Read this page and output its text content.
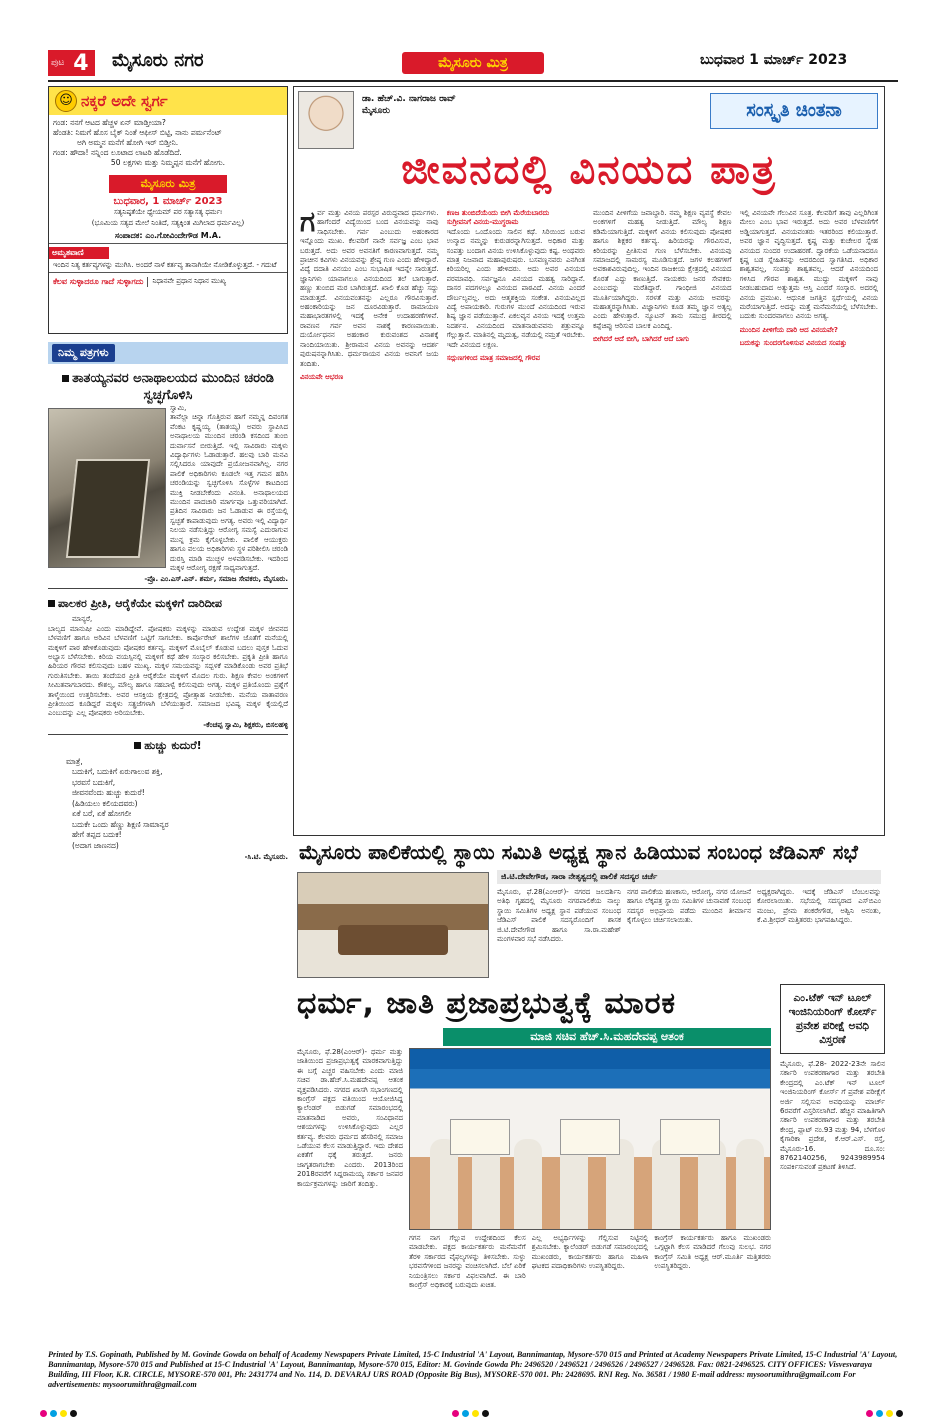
ಪುಟ 4	ಮೈಸೂರು ನಗರ	ಮೈಸೂರು ಮಿತ್ರ	ಬುಧವಾರ 1 ಮಾರ್ಚ್ 2023
☺ ನಕ್ಕರೆ ಅದೇ ಸ್ವರ್ಗ
ಗಂಡ: ನನಗೆ ಆಟದ ಹೆಚ್ಚಳ ಏನ್ ಮಾಡ್ತೀಯಾ?
ಹೆಂಡತಿ: ನಿಮಗೆ ಹೊಸ ಬೈಕ್ ನಿಂತೆ ಆಫೀಸ್ ಬಿಟ್ಟಿ, ನಾನು ಪರ್ಮನೆಂಟ್
ಅಗಿ ಅಮ್ಮನ ಮನೆಗೆ ಹೋಗಿ ಇರ್ ಬಿಡ್ತೀನಿ.
ಗಂಡ: ಹೌದಾ! ನನ್ನಿಂದ ಲೂಟಾದ ಲಾಟರಿ ಹೊಡೆದಿದೆ.
50 ಲಕ್ಷಗಳು ಮತ್ತು ನಿಮ್ಮಪ್ಪನ ಮನೆಗೆ ಹೋಗು.
ಮೈಸೂರು ಮಿತ್ರ
ಬುಧವಾರ, 1 ಮಾರ್ಚ್ 2023
ಸತ್ಯನಿಷ್ಠತೆಯೇ ಧ್ಯೇಯಮ್ ಪರ ಸತ್ಯಾಸತ್ಯ ಧರ್ಮಃ
(ಭೂಮಿಯ ಸತ್ಯದ ಮೇಲೆ ನಿಂತಿದೆ, ಸತ್ಯಕ್ಕಿಂತ ಮಿಗಿಲಾದ ಧರ್ಮವಿಲ್ಲ)
ಸಂಪಾದಕ: ಎಂ.ಗೋವಿಂದೇಗೌಡ M.A.
ಅಮೃತವಾಣಿ
ಇಂದಿನ ನಿತ್ಯ ಕರ್ತವ್ಯಗಳನ್ನು ಮುಗಿಸಿ. ಅಂದರೆ ನಾಳೆ ಕರ್ತವ್ಯ ತಾನಾಗಿಯೇ ನೋಡಿಕೊಳ್ಳುತ್ತದೆ. - ಗದುಟೆ
ಕೆಲವ ಸುಳ್ಳಾದರೂ ಗಾದೆ ಸುಳ್ಳಾಗದು	ನಿಧಾನವೇ ಪ್ರಧಾನ ನಿಧಾನ ಮುಖ್ಯ
ನಿಮ್ಮ ಪತ್ರಗಳು
ತಾತಯ್ಯನವರ ಅನಾಥಾಲಯದ ಮುಂದಿನ ಚರಂಡಿ ಸ್ವಚ್ಛಗೊಳಿಸಿ
ಸ್ವಾಮಿ,
ತಾವೆಲ್ಲಾ ಚಿನ್ನಾ ಗೊತ್ತಿರುವ ಹಾಗೆ ನಮ್ಮನ್ನ ದಿವಂಗತ ವೆಂಕಟ ಕೃಷ್ಣಯ್ಯ (ತಾತಯ್ಯ) ಅವರು ಸ್ಥಾಪಿಸಿದ ಅನಾಥಾಲಯ ಮುಂದಿನ ಚರಂಡಿ ಕಸದಿಂದ ತುಂಬಿ ದುರ್ವಾಸನೆ ಬೀರುತ್ತಿದೆ. ಇಲ್ಲಿ ಸಾವಿರಾರು ಮಕ್ಕಳು ವಿದ್ಯಾರ್ಥಿಗಳು ಓಡಾಡುತ್ತಾರೆ. ಹಲವು ಬಾರಿ ಮನವಿ ಸಲ್ಲಿಸಿದರೂ ಯಾವುದೇ ಪ್ರಯೋಜನವಾಗಿಲ್ಲ. ನಗರ ಪಾಲಿಕೆ ಅಧಿಕಾರಿಗಳು ಕೂಡಲೇ ಇತ್ತ ಗಮನ ಹರಿಸಿ ಚರಂಡಿಯನ್ನು ಸ್ವಚ್ಛಗೊಳಿಸಿ ಸೊಳ್ಳೆಗಳ ಕಾಟದಿಂದ ಮುಕ್ತಿ ನೀಡಬೇಕೆಂದು ವಿನಂತಿ. ಅನಾಥಾಲಯದ ಮುಂದಿನ ಪಾದಚಾರಿ ಮಾರ್ಗವೂ ಒತ್ತುವರಿಯಾಗಿದೆ. ಪ್ರತಿದಿನ ಸಾವಿರಾರು ಜನ ಓಡಾಡುವ ಈ ರಸ್ತೆಯಲ್ಲಿ ಸ್ವಚ್ಛತೆ ಕಾಪಾಡುವುದು ಅಗತ್ಯ. ಅವರು ಇಲ್ಲಿ ವಿದ್ಯಾರ್ಥಿ ನಿಲಯ ನಡೆಸುತ್ತಿದ್ದು ಆರೋಗ್ಯ ಸಮಸ್ಯೆ ಎದುರಾಗುವ ಮುನ್ನ ಕ್ರಮ ಕೈಗೊಳ್ಳಬೇಕು. ಪಾಲಿಕೆ ಆಯುಕ್ತರು ಹಾಗೂ ವಲಯ ಅಧಿಕಾರಿಗಳು ಸ್ಥಳ ಪರಿಶೀಲಿಸಿ ಚರಂಡಿ ದುರಸ್ತಿ ಮಾಡಿ ಮುಚ್ಚಳ ಅಳವಡಿಸಬೇಕು. ಇದರಿಂದ ಮಕ್ಕಳ ಆರೋಗ್ಯ ರಕ್ಷಣೆ ಸಾಧ್ಯವಾಗುತ್ತದೆ.
-ಪ್ರೊ. ಎಂ.ಎಸ್.ಎನ್. ಶರ್ಮ, ಸಮಾಜ ಸೇವಕರು, ಮೈಸೂರು.
ಪಾಲಕರ ಪ್ರೀತಿ, ಆರೈಕೆಯೇ ಮಕ್ಕಳಿಗೆ ದಾರಿದೀಪ
ಮಾನ್ಯರೆ,
ಬಾಲ್ಯದ ಮಾನುಷೀ ಎಂದು ಮಾಡಿದ್ದೇವೆ. ಪೋಷಕರು ಮಕ್ಕಳನ್ನು ಮಾಡುವ ಉದ್ದೇಶ ಮಕ್ಕಳ ಜೀವನದ ಬೆಳವಣಿಗೆ ಹಾಗೂ ಅರಿವಿನ ಬೆಳವಣಿಗೆ ಒಟ್ಟಿಗೆ ಸಾಗಬೇಕು. ಕಾರ್ಪೊರೇಟ್ ಶಾಲೆಗಳ ಜೊತೆಗೆ ಮನೆಯಲ್ಲಿ ಮಕ್ಕಳಿಗೆ ಪಾಠ ಹೇಳಿಕೊಡುವುದು ಪೋಷಕರ ಕರ್ತವ್ಯ. ಮಕ್ಕಳಿಗೆ ಮೊಬೈಲ್ ಕೊಡುವ ಬದಲು ಪುಸ್ತಕ ಓದುವ ಅಭ್ಯಾಸ ಬೆಳೆಸಬೇಕು. ಕಿರಿಯ ವಯಸ್ಸಿನಲ್ಲಿ ಮಕ್ಕಳಿಗೆ ಕಥೆ ಹೇಳಿ ಸಂಸ್ಕಾರ ಕಲಿಸಬೇಕು. ಪ್ರಕೃತಿ ಪ್ರೀತಿ ಹಾಗೂ ಹಿರಿಯರ ಗೌರವ ಕಲಿಸುವುದು ಬಹಳ ಮುಖ್ಯ. ಮಕ್ಕಳ ಸಮಯವನ್ನು ಸದ್ಬಳಕೆ ಮಾಡಿಕೊಂಡು ಅವರ ಪ್ರತಿಭೆ ಗುರುತಿಸಬೇಕು. ತಾಯಿ ತಂದೆಯರ ಪ್ರೀತಿ ಆರೈಕೆಯೇ ಮಕ್ಕಳಿಗೆ ಮೊದಲ ಗುರು. ಶಿಕ್ಷಣ ಕೇವಲ ಅಂಕಗಳಿಗೆ ಸೀಮಿತವಾಗಬಾರದು. ಕೌಶಲ್ಯ, ಮೌಲ್ಯ ಹಾಗೂ ಸಹಬಾಳ್ವೆ ಕಲಿಸುವುದು ಅಗತ್ಯ. ಮಕ್ಕಳ ಪ್ರತಿಯೊಂದು ಪ್ರಶ್ನೆಗೆ ತಾಳ್ಮೆಯಿಂದ ಉತ್ತರಿಸಬೇಕು. ಅವರ ಆಸಕ್ತಿಯ ಕ್ಷೇತ್ರದಲ್ಲಿ ಪ್ರೋತ್ಸಾಹ ನೀಡಬೇಕು. ಮನೆಯ ವಾತಾವರಣ ಪ್ರೀತಿಯಿಂದ ಕೂಡಿದ್ದರೆ ಮಕ್ಕಳು ಸತ್ಪ್ರಜೆಗಳಾಗಿ ಬೆಳೆಯುತ್ತಾರೆ. ಸಮಾಜದ ಭವಿಷ್ಯ ಮಕ್ಕಳ ಕೈಯಲ್ಲಿದೆ ಎಂಬುದನ್ನು ಎಲ್ಲ ಪೋಷಕರು ಅರಿಯಬೇಕು.
-ಕೆಂಚಪ್ಪ ಸ್ವಾಮಿ, ಶಿಕ್ಷಕರು, ಬಿಸಲಹಳ್ಳಿ
ಹುಚ್ಚು ಕುದುರೆ!
ಮಾತ್ರೆ,
ಬದುಕಿಗೆ, ಬದುಕಿಗೆ ಏರುಗಾಲುವ ಶಕ್ತಿ,
ಭರವಸೆ ಬದುಕಿಗೆ,
ಜೀವನವೆಂದು ಹುಚ್ಚು ಕುದುರೆ!
(ಹಿಡಿಯಲು ಕಲಿಯದವರು)
ಏಕೆ ಬರೆ, ಏಕೆ ಹೋಗಲೀ
ಬದುಕೇ ಒಂದು ಹೆಣ್ಣು ಶಿಕ್ಷಣಿ ಸಾಮಾನ್ಯರ
ಹೇಗೆ ತಪ್ಪದ ಬದುಕ!
(ಅದಾಗ ಜಾಣನದ)
-ಸಿ.ಟಿ. ಮೈಸೂರು.
ಡಾ. ಹೆಚ್.ವಿ. ನಾಗರಾಜ ರಾವ್
ಮೈಸೂರು	ಸಂಸ್ಕೃತಿ ಚಿಂತನಾ
ಜೀವನದಲ್ಲಿ ವಿನಯದ ಪಾತ್ರ
ಗ ರ್ವ ಮತ್ತು ವಿನಯ ಪರಸ್ಪರ ವಿರುದ್ಧವಾದ ಧರ್ಮಗಳು. ಹಾಗೆಂದರೆ ವಿದ್ಯೆಯಿಂದ ಬಂದ ವಿನಯವನ್ನು ನಾವು ಸಾಧಿಸಬೇಕು. ಗರ್ವ ಎಂಬುದು ಅಹಂಕಾರದ ಇನ್ನೊಂದು ಮುಖ. ಕೆಲವರಿಗೆ ನಾನೇ ಸರ್ವಜ್ಞ ಎಂಬ ಭಾವ ಬರುತ್ತದೆ. ಅದು ಅವರ ಅವನತಿಗೆ ಕಾರಣವಾಗುತ್ತದೆ. ನಮ್ಮ ಪ್ರಾಚೀನ ಕವಿಗಳು ವಿನಯವನ್ನು ಶ್ರೇಷ್ಠ ಗುಣ ಎಂದು ಹೇಳಿದ್ದಾರೆ. ವಿದ್ಯೆ ದದಾತಿ ವಿನಯಂ ಎಂಬ ಸುಭಾಷಿತ ಇದನ್ನೇ ಸಾರುತ್ತದೆ. ಜ್ಞಾನಿಗಳು ಯಾವಾಗಲೂ ವಿನಯದಿಂದ ತಲೆ ಬಾಗುತ್ತಾರೆ. ಹಣ್ಣು ತುಂಬಿದ ಮರ ಬಾಗಿರುತ್ತದೆ. ಖಾಲಿ ಕೊಡ ಹೆಚ್ಚು ಸದ್ದು ಮಾಡುತ್ತದೆ. ವಿನಯವಂತನನ್ನು ಎಲ್ಲರೂ ಗೌರವಿಸುತ್ತಾರೆ. ಅಹಂಕಾರಿಯನ್ನು ಜನ ದೂರವಿಡುತ್ತಾರೆ. ರಾಮಾಯಣ ಮಹಾಭಾರತಗಳಲ್ಲಿ ಇದಕ್ಕೆ ಅನೇಕ ಉದಾಹರಣೆಗಳಿವೆ. ರಾವಣನ ಗರ್ವ ಅವನ ನಾಶಕ್ಕೆ ಕಾರಣವಾಯಿತು. ದುರ್ಯೋಧನನ ಅಹಂಕಾರ ಕುರುವಂಶದ ವಿನಾಶಕ್ಕೆ ನಾಂದಿಯಾಯಿತು. ಶ್ರೀರಾಮನ ವಿನಯ ಅವನನ್ನು ಆದರ್ಶ ಪುರುಷನನ್ನಾಗಿಸಿತು. ಧರ್ಮರಾಯನ ವಿನಯ ಅವನಿಗೆ ಜಯ ತಂದಿತು.
ವಿನಯವೇ ಆಭರಣ
ಕಣಜ ತುಂಬಿದೆಯೆಂದು ಬೀಗಿ ಮೆರೆಯಬಾರದು
ಸುಗ್ರೀವನಿಗೆ ವಿನಯ-ಮುಗ್ಧರಾಮ
ಇದೊಂದು ಒಂದೊಂದು ಸಾಲಿನ ಕಥೆ. ಸಿರಿಯಿಂದ ಬರುವ ಉನ್ಮಾದ ನಮ್ಮನ್ನು ಕುರುಡರನ್ನಾಗಿಸುತ್ತದೆ. ಅಧಿಕಾರ ಮತ್ತು ಸಂಪತ್ತು ಬಂದಾಗ ವಿನಯ ಉಳಿಸಿಕೊಳ್ಳುವುದು ಕಷ್ಟ. ಅಂಥವರು ಮಾತ್ರ ನಿಜವಾದ ಮಹಾಪುರುಷರು. ಬಸವಣ್ಣನವರು ಎನಗಿಂತ ಕಿರಿಯರಿಲ್ಲ ಎಂದು ಹೇಳಿದರು. ಅದು ಅವರ ವಿನಯದ ಪರಮಾವಧಿ. ಸರ್ವಜ್ಞನೂ ವಿನಯದ ಮಹತ್ವ ಸಾರಿದ್ದಾನೆ. ದಾಸರ ಪದಗಳಲ್ಲೂ ವಿನಯದ ಪಾಠವಿದೆ. ವಿನಯ ಎಂದರೆ ದೌರ್ಬಲ್ಯವಲ್ಲ. ಅದು ಆತ್ಮಶಕ್ತಿಯ ಸಂಕೇತ. ವಿನಯವಿಲ್ಲದ ವಿದ್ಯೆ ಅಪಾಯಕಾರಿ. ಗುರುಗಳ ಮುಂದೆ ವಿನಯದಿಂದ ಇರುವ ಶಿಷ್ಯ ಜ್ಞಾನ ಪಡೆಯುತ್ತಾನೆ. ಏಕಲವ್ಯನ ವಿನಯ ಇದಕ್ಕೆ ಉತ್ತಮ ನಿದರ್ಶನ. ವಿನಯದಿಂದ ಮಾತನಾಡುವವನು ಶತ್ರುವನ್ನೂ ಗೆಲ್ಲುತ್ತಾನೆ. ಮಾತಿನಲ್ಲಿ ಮೃದುತ್ವ, ನಡೆಯಲ್ಲಿ ನಮ್ರತೆ ಇರಬೇಕು. ಇದೇ ವಿನಯದ ಲಕ್ಷಣ.
ಸದ್ಗುಣಗಳಿಂದ ಮಾತ್ರ ಸಮಾಜದಲ್ಲಿ ಗೌರವ
ಮುಂದಿನ ಪೀಳಿಗೆಯ ಜವಾಬ್ದಾರಿ. ನಮ್ಮ ಶಿಕ್ಷಣ ವ್ಯವಸ್ಥೆ ಕೇವಲ ಅಂಕಗಳಿಗೆ ಮಹತ್ವ ನೀಡುತ್ತಿದೆ. ಮೌಲ್ಯ ಶಿಕ್ಷಣ ಕಡಿಮೆಯಾಗುತ್ತಿದೆ. ಮಕ್ಕಳಿಗೆ ವಿನಯ ಕಲಿಸುವುದು ಪೋಷಕರ ಹಾಗೂ ಶಿಕ್ಷಕರ ಕರ್ತವ್ಯ. ಹಿರಿಯರನ್ನು ಗೌರವಿಸುವ, ಕಿರಿಯರನ್ನು ಪ್ರೀತಿಸುವ ಗುಣ ಬೆಳೆಸಬೇಕು. ವಿನಯವು ಸಮಾಜದಲ್ಲಿ ಸಾಮರಸ್ಯ ಮೂಡಿಸುತ್ತದೆ. ಜಗಳ ಕಲಹಗಳಿಗೆ ಅವಕಾಶವಿರುವುದಿಲ್ಲ. ಇಂದಿನ ರಾಜಕೀಯ ಕ್ಷೇತ್ರದಲ್ಲಿ ವಿನಯದ ಕೊರತೆ ಎದ್ದು ಕಾಣುತ್ತಿದೆ. ನಾಯಕರು ಜನರ ಸೇವಕರು ಎಂಬುದನ್ನು ಮರೆತಿದ್ದಾರೆ. ಗಾಂಧೀಜಿ ವಿನಯದ ಮೂರ್ತಿಯಾಗಿದ್ದರು. ಸರಳತೆ ಮತ್ತು ವಿನಯ ಅವರನ್ನು ಮಹಾತ್ಮರನ್ನಾಗಿಸಿತು. ವಿಜ್ಞಾನಿಗಳು ಕೂಡ ತಮ್ಮ ಜ್ಞಾನ ಅತ್ಯಲ್ಪ ಎಂದು ಹೇಳುತ್ತಾರೆ. ನ್ಯೂಟನ್ ತಾನು ಸಮುದ್ರ ತೀರದಲ್ಲಿ ಕಪ್ಪೆಚಿಪ್ಪು ಆರಿಸುವ ಬಾಲಕ ಎಂದಿದ್ದ.
ಬೀಗಿದರೆ ಆದೆ ಬೀಗಿ, ಬಾಗಿದರೆ ಆದೆ ಬಾಗು
ಇಲ್ಲಿ ವಿನಯವೇ ಗೆಲುವಿನ ಸೂತ್ರ. ಕೆಲವರಿಗೆ ತಾವು ಎಲ್ಲರಿಗಿಂತ ಮೇಲು ಎಂಬ ಭಾವ ಇರುತ್ತದೆ. ಅದು ಅವರ ಬೆಳವಣಿಗೆಗೆ ಅಡ್ಡಿಯಾಗುತ್ತದೆ. ವಿನಯವಂತರು ಇತರರಿಂದ ಕಲಿಯುತ್ತಾರೆ. ಅವರ ಜ್ಞಾನ ವೃದ್ಧಿಸುತ್ತದೆ. ಕೃಷ್ಣ ಮತ್ತು ಕುಚೇಲರ ಸ್ನೇಹ ವಿನಯದ ಸುಂದರ ಉದಾಹರಣೆ. ದ್ವಾರಕೆಯ ಒಡೆಯನಾದರೂ ಕೃಷ್ಣ ಬಡ ಸ್ನೇಹಿತನನ್ನು ಆದರದಿಂದ ಸ್ವಾಗತಿಸಿದ. ಅಧಿಕಾರ ಶಾಶ್ವತವಲ್ಲ, ಸಂಪತ್ತು ಶಾಶ್ವತವಲ್ಲ. ಆದರೆ ವಿನಯದಿಂದ ಗಳಿಸಿದ ಗೌರವ ಶಾಶ್ವತ. ಮುದ್ದು ಮಕ್ಕಳಿಗೆ ನಾವು ನೀಡಬಹುದಾದ ಅತ್ಯುತ್ತಮ ಆಸ್ತಿ ಎಂದರೆ ಸಂಸ್ಕಾರ. ಅದರಲ್ಲಿ ವಿನಯ ಪ್ರಮುಖ. ಆಧುನಿಕ ಜಗತ್ತಿನ ಸ್ಪರ್ಧೆಯಲ್ಲಿ ವಿನಯ ಮರೆಯಾಗುತ್ತಿದೆ. ಅದನ್ನು ಮತ್ತೆ ಮನೆಮನೆಯಲ್ಲಿ ಬೆಳೆಸಬೇಕು. ಬದುಕು ಸುಂದರವಾಗಲು ವಿನಯ ಅಗತ್ಯ.
ಮುಂದಿನ ಪೀಳಿಗೆಯ ದಾರಿ ಆದ ವಿನಯವೇ?
ಬದುಕನ್ನು ಸುಂದರಗೊಳಿಸುವ ವಿನಯದ ಸಂಪತ್ತು
ಮೈಸೂರು ಪಾಲಿಕೆಯಲ್ಲಿ ಸ್ಥಾಯಿ ಸಮಿತಿ ಅಧ್ಯಕ್ಷ ಸ್ಥಾನ ಹಿಡಿಯುವ ಸಂಬಂಧ ಜೆಡಿಎಸ್ ಸಭೆ
ಜಿ.ಟಿ.ದೇವೇಗೌಡ, ಸಾರಾ ನೇತೃತ್ವದಲ್ಲಿ ಪಾಲಿಕೆ ಸದಸ್ಯರ ಚರ್ಚೆ
ಮೈಸೂರು, ಫೆ.28(ಎಂಆರ್)- ನಗರದ ಜಲದರ್ಶಿನಿ ಅತಿಥಿ ಗೃಹದಲ್ಲಿ ಮೈಸೂರು ನಗರಪಾಲಿಕೆಯ ನಾಲ್ಕು ಸ್ಥಾಯಿ ಸಮಿತಿಗಳ ಅಧ್ಯಕ್ಷ ಸ್ಥಾನ ಪಡೆಯುವ ಸಂಬಂಧ ಜೆಡಿಎಸ್ ಪಾಲಿಕೆ ಸದಸ್ಯರೊಂದಿಗೆ ಶಾಸಕ ಜಿ.ಟಿ.ದೇವೇಗೌಡ ಹಾಗೂ ಸಾ.ರಾ.ಮಹೇಶ್ ಮಂಗಳವಾರ ಸಭೆ ನಡೆಸಿದರು.
ನಗರ ಪಾಲಿಕೆಯ ಹಣಕಾಸು, ಆರೋಗ್ಯ, ನಗರ ಯೋಜನೆ ಹಾಗೂ ಲೆಕ್ಕಪತ್ರ ಸ್ಥಾಯಿ ಸಮಿತಿಗಳ ಚುನಾವಣೆ ಸಂಬಂಧ ಸದಸ್ಯರ ಅಭಿಪ್ರಾಯ ಪಡೆದು ಮುಂದಿನ ತೀರ್ಮಾನ ಕೈಗೊಳ್ಳಲು ಚರ್ಚಿಸಲಾಯಿತು.
ಅಧ್ಯಕ್ಷರಾಗಿದ್ದರು. ಇದಕ್ಕೆ ಜೆಡಿಎಸ್ ಬೆಂಬಲವನ್ನು ಕೋರಲಾಯಿತು. ಸಭೆಯಲ್ಲಿ ಸದಸ್ಯರಾದ ಎಸ್‌ಬಿಎಂ ಮಂಜು, ಪ್ರೇಮ ಶಂಕರೇಗೌಡ, ಅಶ್ವಿನಿ ಅನಂತು, ಕೆ.ವಿ.ಶ್ರೀಧರ್ ಮತ್ತಿತರರು ಭಾಗವಹಿಸಿದ್ದರು.
ಧರ್ಮ, ಜಾತಿ ಪ್ರಜಾಪ್ರಭುತ್ವಕ್ಕೆ ಮಾರಕ
ಮಾಜಿ ಸಚಿವ ಹೆಚ್.ಸಿ.ಮಹದೇವಪ್ಪ ಆತಂಕ
ಮೈಸೂರು, ಫೆ.28(ಎಂಆರ್)- ಧರ್ಮ ಮತ್ತು ಜಾತಿಯಿಂದ ಪ್ರಜಾಪ್ರಭುತ್ವಕ್ಕೆ ಮಾರಕವಾಗುತ್ತಿದ್ದು ಈ ಬಗ್ಗೆ ಎಚ್ಚರ ವಹಿಸಬೇಕು ಎಂದು ಮಾಜಿ ಸಚಿವ ಡಾ.ಹೆಚ್.ಸಿ.ಮಹದೇವಪ್ಪ ಆತಂಕ ವ್ಯಕ್ತಪಡಿಸಿದರು. ನಗರದ ಖಾಸಗಿ ಸಭಾಂಗಣದಲ್ಲಿ ಕಾಂಗ್ರೆಸ್ ಪಕ್ಷದ ವತಿಯಿಂದ ಆಯೋಜಿಸಿದ್ದ ಕ್ಯಾಲೆಂಡರ್ ಬಿಡುಗಡೆ ಸಮಾರಂಭದಲ್ಲಿ ಮಾತನಾಡಿದ ಅವರು, ಸಂವಿಧಾನದ ಆಶಯಗಳನ್ನು ಉಳಿಸಿಕೊಳ್ಳುವುದು ಎಲ್ಲರ ಕರ್ತವ್ಯ. ಕೆಲವರು ಧರ್ಮದ ಹೆಸರಿನಲ್ಲಿ ಸಮಾಜ ಒಡೆಯುವ ಕೆಲಸ ಮಾಡುತ್ತಿದ್ದಾರೆ. ಇದು ದೇಶದ ಏಕತೆಗೆ ಧಕ್ಕೆ ತರುತ್ತದೆ. ಜನರು ಜಾಗೃತರಾಗಬೇಕು ಎಂದರು. 2013ರಿಂದ 2018ರವರೆಗೆ ಸಿದ್ದರಾಮಯ್ಯ ಸರ್ಕಾರ ಜನಪರ ಕಾರ್ಯಕ್ರಮಗಳನ್ನು ಜಾರಿಗೆ ತಂದಿತ್ತು.
ಗಗನ ನಾಗ ಗೆಲ್ಲುವ ಉದ್ದೇಶದಿಂದ ಕೆಲಸ ಮಾಡಬೇಕು. ಪಕ್ಷದ ಕಾರ್ಯಕರ್ತರು ಮನೆಮನೆಗೆ ತೆರಳಿ ಸರ್ಕಾರದ ವೈಫಲ್ಯಗಳನ್ನು ತಿಳಿಸಬೇಕು. ಸುಳ್ಳು ಭರವಸೆಗಳಿಂದ ಜನರನ್ನು ವಂಚಿಸಲಾಗಿದೆ. ಬೆಲೆ ಏರಿಕೆ ನಿಯಂತ್ರಿಸಲು ಸರ್ಕಾರ ವಿಫಲವಾಗಿದೆ. ಈ ಬಾರಿ ಕಾಂಗ್ರೆಸ್ ಅಧಿಕಾರಕ್ಕೆ ಬರುವುದು ಖಚಿತ.
ಎಲ್ಲ ಅಭ್ಯರ್ಥಿಗಳನ್ನು ಗೆಲ್ಲಿಸುವ ನಿಟ್ಟಿನಲ್ಲಿ ಶ್ರಮಿಸಬೇಕು. ಕ್ಯಾಲೆಂಡರ್ ಬಿಡುಗಡೆ ಸಮಾರಂಭದಲ್ಲಿ ಮುಖಂಡರು, ಕಾರ್ಯಕರ್ತರು ಹಾಗೂ ಮಹಿಳಾ ಘಟಕದ ಪದಾಧಿಕಾರಿಗಳು ಉಪಸ್ಥಿತರಿದ್ದರು.
ಕಾಂಗ್ರೆಸ್ ಕಾರ್ಯಕರ್ತರು ಹಾಗೂ ಮುಖಂಡರು ಒಗ್ಗಟ್ಟಾಗಿ ಕೆಲಸ ಮಾಡಿದರೆ ಗೆಲುವು ಸುಲಭ. ನಗರ ಕಾಂಗ್ರೆಸ್ ಸಮಿತಿ ಅಧ್ಯಕ್ಷ ಆರ್.ಮೂರ್ತಿ ಮತ್ತಿತರರು ಉಪಸ್ಥಿತರಿದ್ದರು.
ಎಂ.ಟೆಕ್ ಇನ್ ಟೂಲ್ ಇಂಜಿನಿಯರಿಂಗ್ ಕೋರ್ಸ್ ಪ್ರವೇಶ ಪರೀಕ್ಷೆ ಅವಧಿ ವಿಸ್ತರಣೆ
ಮೈಸೂರು, ಫೆ.28- 2022-23ನೇ ಸಾಲಿನ ಸರ್ಕಾರಿ ಉಪಕರಣಾಗಾರ ಮತ್ತು ತರಬೇತಿ ಕೇಂದ್ರದಲ್ಲಿ ಎಂ.ಟೆಕ್ ಇನ್ ಟೂಲ್ ಇಂಜಿನಿಯರಿಂಗ್ ಕೋರ್ಸ್ ಗೆ ಪ್ರವೇಶ ಪರೀಕ್ಷೆಗೆ ಅರ್ಜಿ ಸಲ್ಲಿಸುವ ಅವಧಿಯನ್ನು ಮಾರ್ಚ್ 6ರವರೆಗೆ ವಿಸ್ತರಿಸಲಾಗಿದೆ. ಹೆಚ್ಚಿನ ಮಾಹಿತಿಗಾಗಿ ಸರ್ಕಾರಿ ಉಪಕರಣಾಗಾರ ಮತ್ತು ತರಬೇತಿ ಕೇಂದ್ರ, ಪ್ಲಾಟ್ ನಂ.93 ಮತ್ತು 94, ಬೆಳಗೊಳ ಕೈಗಾರಿಕಾ ಪ್ರದೇಶ, ಕೆ.ಆರ್.ಎಸ್. ರಸ್ತೆ, ಮೈಸೂರು-16. ದೂ.ಸಂ: 8762140256, 9243989954 ಸಂಪರ್ಕಿಸುವಂತೆ ಪ್ರಕಟಣೆ ತಿಳಿಸಿದೆ.
Printed by T.S. Gopinath, Published by M. Govinde Gowda on behalf of Academy Newspapers Private Limited, 15-C Industrial 'A' Layout, Bannimantap, Mysore-570 015 and Printed at Academy Newspapers Private Limited, 15-C Industrial 'A' Layout, Bannimantap, Mysore-570 015 and Published at 15-C Industrial 'A' Layout, Bannimantap, Mysore-570 015, Editor: M. Govinde Gowda Ph: 2496520 / 2496521 / 2496526 / 2496527 / 2496528. Fax: 0821-2496525. CITY OFFICES: Visvesvaraya Building, III Floor, K.R. CIRCLE, MYSORE-570 001, Ph: 2431774 and No. 114, D. DEVARAJ URS ROAD (Opposite Big Bus), MYSORE-570 001. Ph: 2428695. RNI Reg. No. 36581 / 1980 E-mail address: mysoorumithra@gmail.com For advertisements: mysoorumithra@gmail.com
